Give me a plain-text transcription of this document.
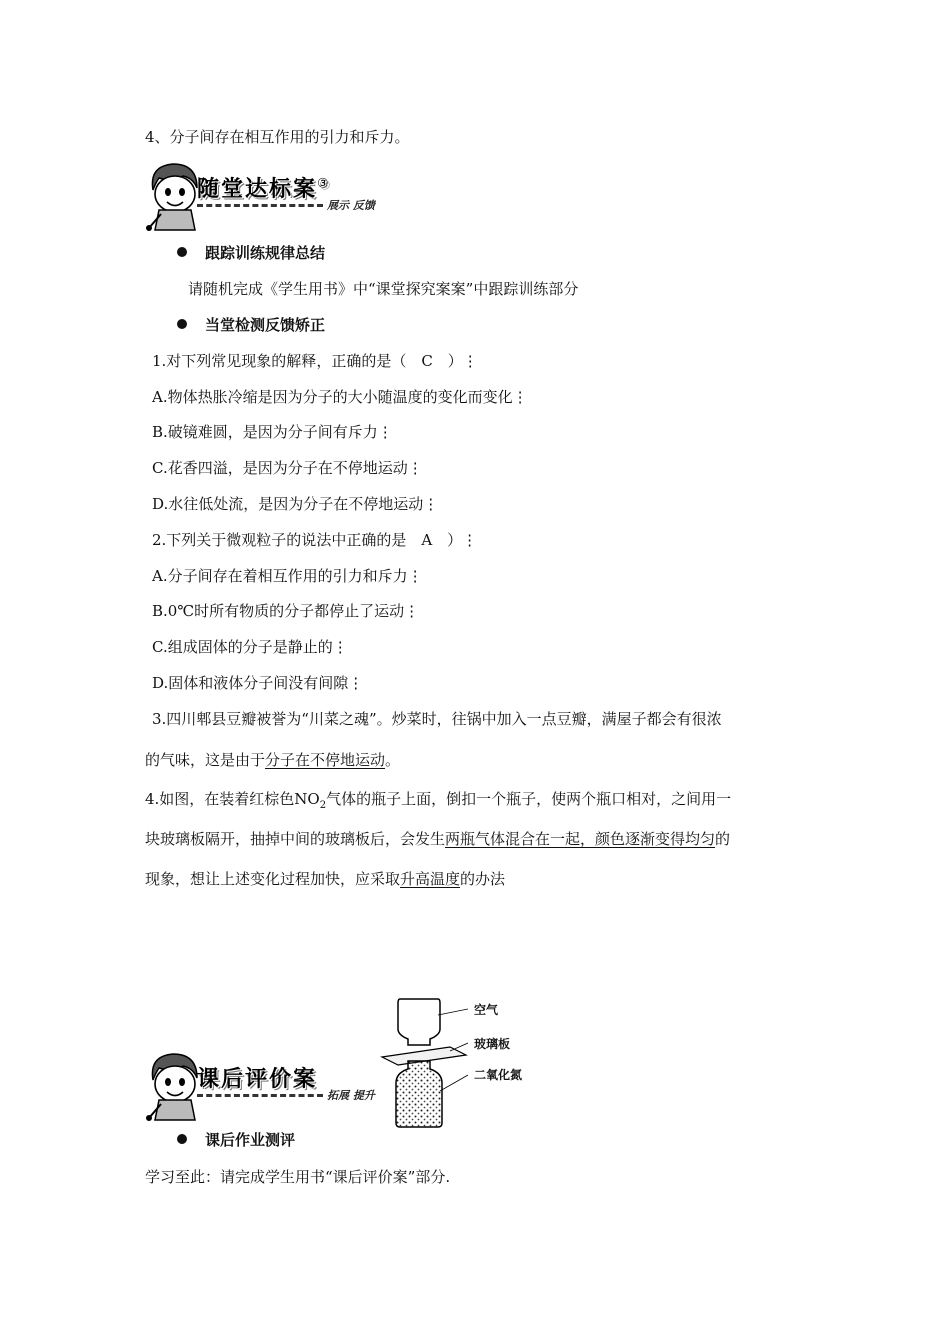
4、分子间存在相互作用的引力和斥力。
随堂达标案③
展示 反馈
跟踪训练规律总结
请随机完成《学生用书》中“课堂探究案案”中跟踪训练部分
当堂检测反馈矫正
1.对下列常见现象的解释，正确的是（　C　）⋮
A.物体热胀冷缩是因为分子的大小随温度的变化而变化⋮
B.破镜难圆，是因为分子间有斥力⋮
C.花香四溢，是因为分子在不停地运动⋮
D.水往低处流，是因为分子在不停地运动⋮
2.下列关于微观粒子的说法中正确的是　A　）⋮
A.分子间存在着相互作用的引力和斥力⋮
B.0℃时所有物质的分子都停止了运动⋮
C.组成固体的分子是静止的⋮
D.固体和液体分子间没有间隙⋮
3.四川郫县豆瓣被誉为“川菜之魂”。炒菜时，往锅中加入一点豆瓣，满屋子都会有很浓
的气味，这是由于分子在不停地运动。
4.如图，在装着红棕色$NO_2$气体的瓶子上面，倒扣一个瓶子，使两个瓶口相对，之间用一
块玻璃板隔开，抽掉中间的玻璃板后，会发生两瓶气体混合在一起，颜色逐渐变得均匀的
现象，想让上述变化过程加快，应采取升高温度的办法
空气
玻璃板
二氧化氮
课后评价案
拓展 提升
课后作业测评
学习至此：请完成学生用书“课后评价案”部分.
